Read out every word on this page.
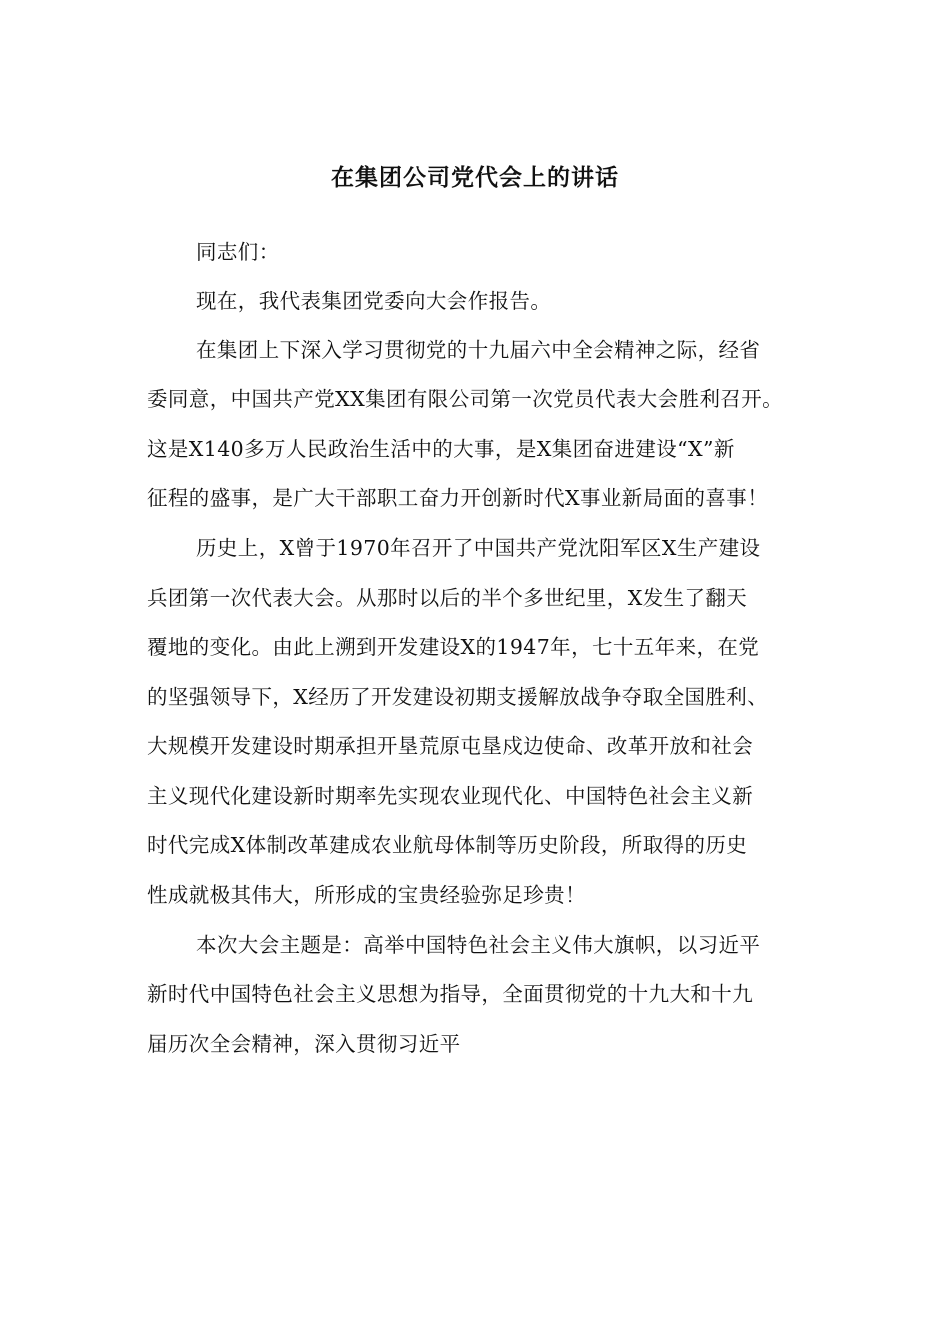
在集团公司党代会上的讲话
同志们：
现在，我代表集团党委向大会作报告。
在集团上下深入学习贯彻党的十九届六中全会精神之际，经省
委同意，中国共产党XX集团有限公司第一次党员代表大会胜利召开。
这是X140多万人民政治生活中的大事，是X集团奋进建设“X”新
征程的盛事，是广大干部职工奋力开创新时代X事业新局面的喜事！
历史上，X曾于1970年召开了中国共产党沈阳军区X生产建设
兵团第一次代表大会。从那时以后的半个多世纪里，X发生了翻天
覆地的变化。由此上溯到开发建设X的1947年，七十五年来，在党
的坚强领导下，X经历了开发建设初期支援解放战争夺取全国胜利、
大规模开发建设时期承担开垦荒原屯垦戍边使命、改革开放和社会
主义现代化建设新时期率先实现农业现代化、中国特色社会主义新
时代完成X体制改革建成农业航母体制等历史阶段，所取得的历史
性成就极其伟大，所形成的宝贵经验弥足珍贵！
本次大会主题是：高举中国特色社会主义伟大旗帜，以习近平
新时代中国特色社会主义思想为指导，全面贯彻党的十九大和十九
届历次全会精神，深入贯彻习近平
